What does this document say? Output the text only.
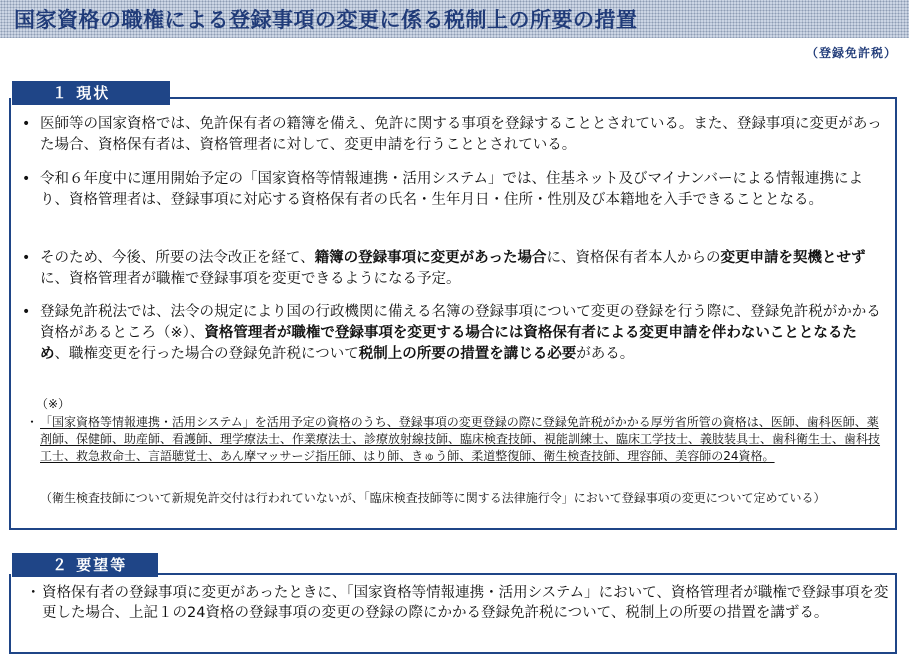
国家資格の職権による登録事項の変更に係る税制上の所要の措置
（登録免許税）
１ 現状
• 医師等の国家資格では、免許保有者の籍簿を備え、免許に関する事項を登録することとされている。また、登録事項に変更があった場合、資格保有者は、資格管理者に対して、変更申請を行うこととされている。
• 令和６年度中に運用開始予定の「国家資格等情報連携・活用システム」では、住基ネット及びマイナンバーによる情報連携により、資格管理者は、登録事項に対応する資格保有者の氏名・生年月日・住所・性別及び本籍地を入手できることとなる。
• そのため、今後、所要の法令改正を経て、籍簿の登録事項に変更があった場合に、資格保有者本人からの変更申請を契機とせずに、資格管理者が職権で登録事項を変更できるようになる予定。
• 登録免許税法では、法令の規定により国の行政機関に備える名簿の登録事項について変更の登録を行う際に、登録免許税がかかる資格があるところ（※）、資格管理者が職権で登録事項を変更する場合には資格保有者による変更申請を伴わないこととなるため、職権変更を行った場合の登録免許税について税制上の所要の措置を講じる必要がある。
（※）
・ 「国家資格等情報連携・活用システム」を活用予定の資格のうち、登録事項の変更登録の際に登録免許税がかかる厚労省所管の資格は、医師、歯科医師、薬剤師、保健師、助産師、看護師、理学療法士、作業療法士、診療放射線技師、臨床検査技師、視能訓練士、臨床工学技士、義肢装具士、歯科衛生士、歯科技工士、救急救命士、言語聴覚士、あん摩マッサージ指圧師、はり師、きゅう師、柔道整復師、衛生検査技師、理容師、美容師の24資格。
（衛生検査技師について新規免許交付は行われていないが、「臨床検査技師等に関する法律施行令」において登録事項の変更について定めている）
２ 要望等
・ 資格保有者の登録事項に変更があったときに、「国家資格等情報連携・活用システム」において、資格管理者が職権で登録事項を変更した場合、上記１の24資格の登録事項の変更の登録の際にかかる登録免許税について、税制上の所要の措置を講ずる。
